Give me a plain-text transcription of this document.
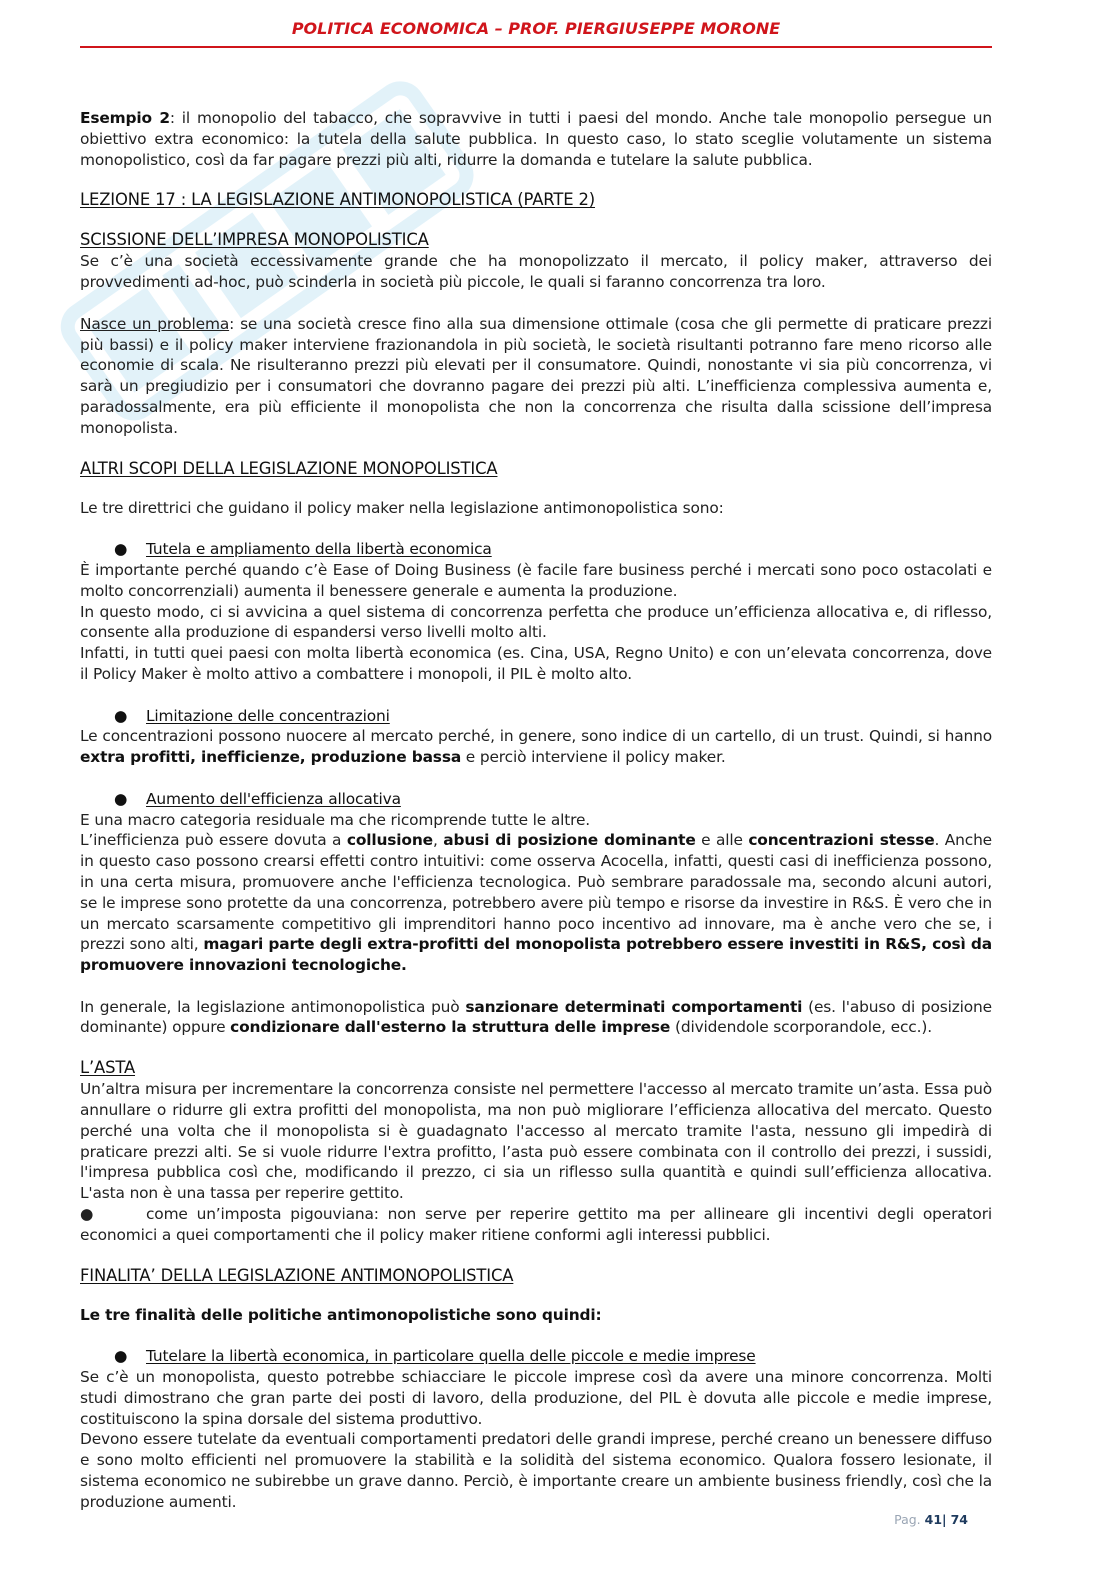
POLITICA ECONOMICA – PROF. PIERGIUSEPPE MORONE

Esempio 2: il monopolio del tabacco, che sopravvive in tutti i paesi del mondo. Anche tale monopolio persegue un obiettivo extra economico: la tutela della salute pubblica. In questo caso, lo stato sceglie volutamente un sistema monopolistico, così da far pagare prezzi più alti, ridurre la domanda e tutelare la salute pubblica.

LEZIONE 17 : LA LEGISLAZIONE ANTIMONOPOLISTICA (PARTE 2)

SCISSIONE DELL’IMPRESA MONOPOLISTICA

Se c’è una società eccessivamente grande che ha monopolizzato il mercato, il policy maker, attraverso dei provvedimenti ad-hoc, può scinderla in società più piccole, le quali si faranno concorrenza tra loro.

Nasce un problema: se una società cresce fino alla sua dimensione ottimale (cosa che gli permette di praticare prezzi più bassi) e il policy maker interviene frazionandola in più società, le società risultanti potranno fare meno ricorso alle economie di scala. Ne risulteranno prezzi più elevati per il consumatore. Quindi, nonostante vi sia più concorrenza, vi sarà un pregiudizio per i consumatori che dovranno pagare dei prezzi più alti. L’inefficienza complessiva aumenta e, paradossalmente, era più efficiente il monopolista che non la concorrenza che risulta dalla scissione dell’impresa monopolista.

ALTRI SCOPI DELLA LEGISLAZIONE MONOPOLISTICA

Le tre direttrici che guidano il policy maker nella legislazione antimonopolistica sono:

● Tutela e ampliamento della libertà economica

È importante perché quando c’è Ease of Doing Business (è facile fare business perché i mercati sono poco ostacolati e molto concorrenziali) aumenta il benessere generale e aumenta la produzione.

In questo modo, ci si avvicina a quel sistema di concorrenza perfetta che produce un’efficienza allocativa e, di riflesso, consente alla produzione di espandersi verso livelli molto alti.

Infatti, in tutti quei paesi con molta libertà economica (es. Cina, USA, Regno Unito) e con un’elevata concorrenza, dove il Policy Maker è molto attivo a combattere i monopoli, il PIL è molto alto.

● Limitazione delle concentrazioni

Le concentrazioni possono nuocere al mercato perché, in genere, sono indice di un cartello, di un trust. Quindi, si hanno extra profitti, inefficienze, produzione bassa e perciò interviene il policy maker.

● Aumento dell'efficienza allocativa

E una macro categoria residuale ma che ricomprende tutte le altre.

L’inefficienza può essere dovuta a collusione, abusi di posizione dominante e alle concentrazioni stesse. Anche in questo caso possono crearsi effetti contro intuitivi: come osserva Acocella, infatti, questi casi di inefficienza possono, in una certa misura, promuovere anche l'efficienza tecnologica. Può sembrare paradossale ma, secondo alcuni autori, se le imprese sono protette da una concorrenza, potrebbero avere più tempo e risorse da investire in R&S. È vero che in un mercato scarsamente competitivo gli imprenditori hanno poco incentivo ad innovare, ma è anche vero che se, i prezzi sono alti, magari parte degli extra-profitti del monopolista potrebbero essere investiti in R&S, così da promuovere innovazioni tecnologiche.

In generale, la legislazione antimonopolistica può sanzionare determinati comportamenti (es. l'abuso di posizione dominante) oppure condizionare dall'esterno la struttura delle imprese (dividendole scorporandole, ecc.).

L’ASTA

Un’altra misura per incrementare la concorrenza consiste nel permettere l'accesso al mercato tramite un’asta. Essa può annullare o ridurre gli extra profitti del monopolista, ma non può migliorare l’efficienza allocativa del mercato. Questo perché una volta che il monopolista si è guadagnato l'accesso al mercato tramite l'asta, nessuno gli impedirà di praticare prezzi alti. Se si vuole ridurre l'extra profitto, l’asta può essere combinata con il controllo dei prezzi, i sussidi, l'impresa pubblica così che, modificando il prezzo, ci sia un riflesso sulla quantità e quindi sull’efficienza allocativa. L'asta non è una tassa per reperire gettito.

●	come un’imposta pigouviana: non serve per reperire gettito ma per allineare gli incentivi degli operatori economici a quei comportamenti che il policy maker ritiene conformi agli interessi pubblici.

FINALITA’ DELLA LEGISLAZIONE ANTIMONOPOLISTICA

Le tre finalità delle politiche antimonopolistiche sono quindi:

● Tutelare la libertà economica, in particolare quella delle piccole e medie imprese

Se c’è un monopolista, questo potrebbe schiacciare le piccole imprese così da avere una minore concorrenza. Molti studi dimostrano che gran parte dei posti di lavoro, della produzione, del PIL è dovuta alle piccole e medie imprese, costituiscono la spina dorsale del sistema produttivo.

Devono essere tutelate da eventuali comportamenti predatori delle grandi imprese, perché creano un benessere diffuso e sono molto efficienti nel promuovere la stabilità e la solidità del sistema economico. Qualora fossero lesionate, il sistema economico ne subirebbe un grave danno. Perciò, è importante creare un ambiente business friendly, così che la produzione aumenti.

Pag. 41| 74
